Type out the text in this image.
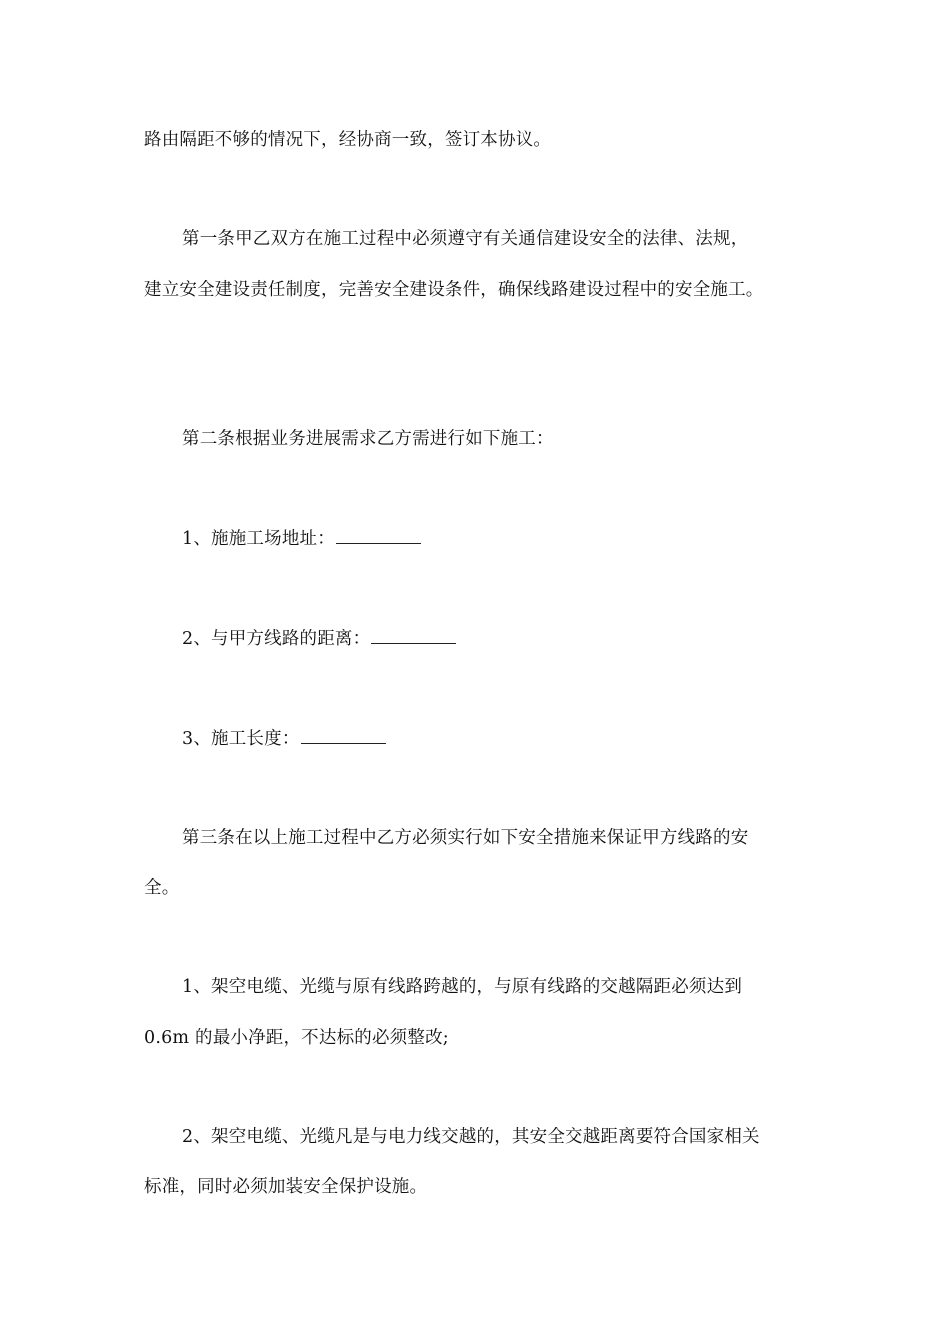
路由隔距不够的情况下，经协商一致，签订本协议。
第一条甲乙双方在施工过程中必须遵守有关通信建设安全的法律、法规，
建立安全建设责任制度，完善安全建设条件，确保线路建设过程中的安全施工。
第二条根据业务进展需求乙方需进行如下施工：
1、施施工场地址：
2、与甲方线路的距离：
3、施工长度：
第三条在以上施工过程中乙方必须实行如下安全措施来保证甲方线路的安
全。
1、架空电缆、光缆与原有线路跨越的，与原有线路的交越隔距必须达到
0.6m 的最小净距，不达标的必须整改;
2、架空电缆、光缆凡是与电力线交越的，其安全交越距离要符合国家相关
标准，同时必须加装安全保护设施。
